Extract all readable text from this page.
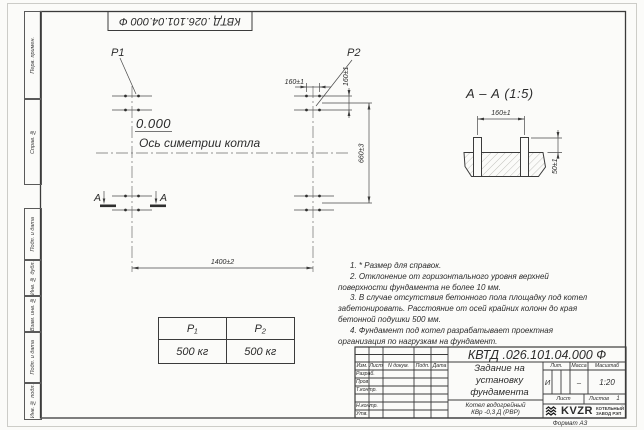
P1	P2
0.000
Ось симетрии котла
160±1	160±1
660±3
1400±2
А	А
А – А (1:5)
160±1
50±1
КВТД .026.101.04.000 Ф
Перв. примен.
Справ. №
Подп. и дата
Инв. № дубл.
Взам. инв. №
Подп. и дата
Инв. № подл.

1. * Размер для справок.

2. Отклонение от горизонтального уровня верхней поверхности фундамента не более 10 мм.

3. В случае отсутствия бетонного пола площадку под котел забетонировать. Расстояние от осей крайних колонн до края бетонной подушки 500 мм.

4. Фундамент под котел разрабатывает проектная организация по нагрузкам на фундамент.

P₁	P₂
500 кг	500 кг	КВТД .026.101.04.000 Ф
Изм. Лист	N докум.	Подп. Дата
Разраб.
Пров.
Т.контр.
Н.контр.
Утв.
Задание на установку фундамента
Котел водогрейный КВр -0,3 Д (РВР)
Лит.	Масса	Масштаб
И	–	1:20
Лист	Листов	1
KVZR КОТЕЛЬНЫЙ
ЗАВОД РЭП
Формат А3
